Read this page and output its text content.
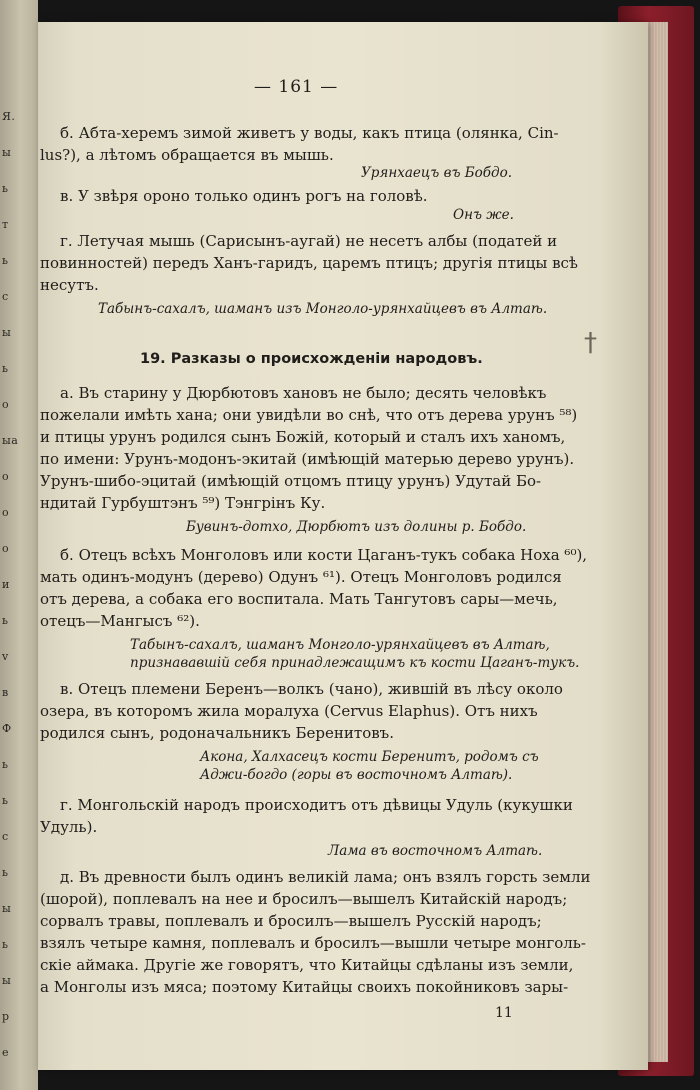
Я.
ы
ь
т
ь
c
ы
ь
о
ыа
о
о
о
и
ь
v
в
Ф
ь
ь
с
ь
ы
ь
ы
р
е
— 161 —
б. Абта-херемъ зимой живетъ у воды, какъ птица (олянка, Cin-
lus?), а лѣтомъ обращается въ мышь.
Урянхаецъ въ Бобдо.
в. У звѣря ороно только одинъ рогъ на головѣ.
Онъ же.
г. Летучая мышь (Сарисынъ-аугай) не несетъ албы (податей и
повинностей) передъ Ханъ-гаридъ, царемъ птицъ; другія птицы всѣ
несутъ.
Табынъ-сахалъ, шаманъ изъ Монголо-урянхайцевъ въ Алтаѣ.
19. Разказы о происхожденіи народовъ.
†
а. Въ старину у Дюрбютовъ хановъ не было; десять человѣкъ
пожелали имѣть хана; они увидѣли во снѣ, что отъ дерева урунъ ⁵⁸)
и птицы урунъ родился сынъ Божій, который и сталъ ихъ ханомъ,
по имени: Урунъ-модонъ-экитай (имѣющій матерью дерево урунъ).
Урунъ-шибо-эцитай (имѣющій отцомъ птицу урунъ) Удутай Бо-
ндитай Гурбуштэнъ ⁵⁹) Тэнгрінъ Ку.
Бувинъ-дотхо, Дюрбютъ изъ долины р. Бобдо.
б. Отецъ всѣхъ Монголовъ или кости Цаганъ-тукъ собака Ноха ⁶⁰),
мать одинъ-модунъ (дерево) Одунъ ⁶¹). Отецъ Монголовъ родился
отъ дерева, а собака его воспитала. Мать Тангутовъ сары—мечь,
отецъ—Мангысъ ⁶²).
Табынъ-сахалъ, шаманъ Монголо-урянхайцевъ въ Алтаѣ,
признававшій себя принадлежащимъ къ кости Цаганъ-тукъ.
в. Отецъ племени Беренъ—волкъ (чано), жившій въ лѣсу около
озера, въ которомъ жила моралуха (Cervus Elaphus). Отъ нихъ
родился сынъ, родоначальникъ Беренитовъ.
Акона, Халхасецъ кости Беренитъ, родомъ съ
Аджи-богдо (горы въ восточномъ Алтаѣ).
г. Монгольскій народъ происходитъ отъ дѣвицы Удуль (кукушки
Удуль).
Лама въ восточномъ Алтаѣ.
д. Въ древности былъ одинъ великій лама; онъ взялъ горсть земли
(шорой), поплевалъ на нее и бросилъ—вышелъ Китайскій народъ;
сорвалъ травы, поплевалъ и бросилъ—вышелъ Русскій народъ;
взялъ четыре камня, поплевалъ и бросилъ—вышли четыре монголь-
скіе аймака. Другіе же говорятъ, что Китайцы сдѣланы изъ земли,
а Монголы изъ мяса; поэтому Китайцы своихъ покойниковъ зары-
11
